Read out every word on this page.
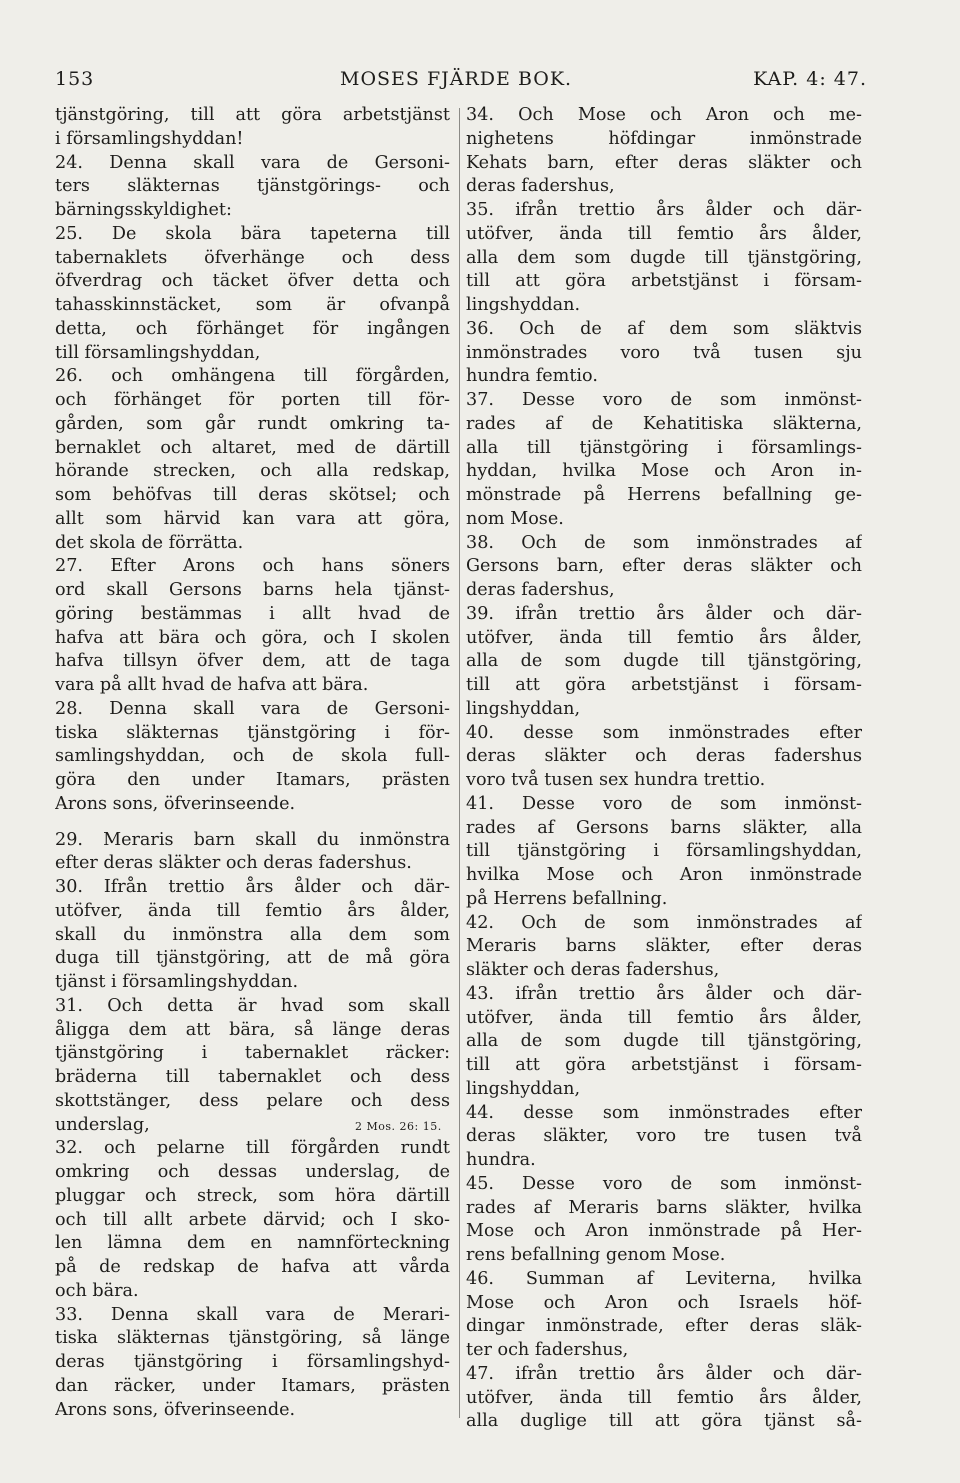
153	MOSES FJÄRDE BOK.	KAP. 4: 47.
tjänstgöring, till att göra arbetstjänst
i församlingshyddan!
24. Denna skall vara de Gersoni-
ters släkternas tjänstgörings- och
bärningsskyldighet:
25. De skola bära tapeterna till
tabernaklets öfverhänge och dess
öfverdrag och täcket öfver detta och
tahasskinnstäcket, som är ofvanpå
detta, och förhänget för ingången
till församlingshyddan,
26. och omhängena till förgården,
och förhänget för porten till för-
gården, som går rundt omkring ta-
bernaklet och altaret, med de därtill
hörande strecken, och alla redskap,
som behöfvas till deras skötsel; och
allt som härvid kan vara att göra,
det skola de förrätta.
27. Efter Arons och hans söners
ord skall Gersons barns hela tjänst-
göring bestämmas i allt hvad de
hafva att bära och göra, och I skolen
hafva tillsyn öfver dem, att de taga
vara på allt hvad de hafva att bära.
28. Denna skall vara de Gersoni-
tiska släkternas tjänstgöring i för-
samlingshyddan, och de skola full-
göra den under Itamars, prästen
Arons sons, öfverinseende.
29. Meraris barn skall du inmönstra
efter deras släkter och deras fadershus.
30. Ifrån trettio års ålder och där-
utöfver, ända till femtio års ålder,
skall du inmönstra alla dem som
duga till tjänstgöring, att de må göra
tjänst i församlingshyddan.
31. Och detta är hvad som skall
åligga dem att bära, så länge deras
tjänstgöring i tabernaklet räcker:
bräderna till tabernaklet och dess
skottstänger, dess pelare och dess
underslag,	2 Mos. 26: 15.
32. och pelarne till förgården rundt
omkring och dessas underslag, de
pluggar och streck, som höra därtill
och till allt arbete därvid; och I sko-
len lämna dem en namnförteckning
på de redskap de hafva att vårda
och bära.
33. Denna skall vara de Merari-
tiska släkternas tjänstgöring, så länge
deras tjänstgöring i församlingshyd-
dan räcker, under Itamars, prästen
Arons sons, öfverinseende.
34. Och Mose och Aron och me-
nighetens höfdingar inmönstrade
Kehats barn, efter deras släkter och
deras fadershus,
35. ifrån trettio års ålder och där-
utöfver, ända till femtio års ålder,
alla dem som dugde till tjänstgöring,
till att göra arbetstjänst i försam-
lingshyddan.
36. Och de af dem som släktvis
inmönstrades voro två tusen sju
hundra femtio.
37. Desse voro de som inmönst-
rades af de Kehatitiska släkterna,
alla till tjänstgöring i församlings-
hyddan, hvilka Mose och Aron in-
mönstrade på Herrens befallning ge-
nom Mose.
38. Och de som inmönstrades af
Gersons barn, efter deras släkter och
deras fadershus,
39. ifrån trettio års ålder och där-
utöfver, ända till femtio års ålder,
alla de som dugde till tjänstgöring,
till att göra arbetstjänst i försam-
lingshyddan,
40. desse som inmönstrades efter
deras släkter och deras fadershus
voro två tusen sex hundra trettio.
41. Desse voro de som inmönst-
rades af Gersons barns släkter, alla
till tjänstgöring i församlingshyddan,
hvilka Mose och Aron inmönstrade
på Herrens befallning.
42. Och de som inmönstrades af
Meraris barns släkter, efter deras
släkter och deras fadershus,
43. ifrån trettio års ålder och där-
utöfver, ända till femtio års ålder,
alla de som dugde till tjänstgöring,
till att göra arbetstjänst i försam-
lingshyddan,
44. desse som inmönstrades efter
deras släkter, voro tre tusen två
hundra.
45. Desse voro de som inmönst-
rades af Meraris barns släkter, hvilka
Mose och Aron inmönstrade på Her-
rens befallning genom Mose.
46. Summan af Leviterna, hvilka
Mose och Aron och Israels höf-
dingar inmönstrade, efter deras släk-
ter och fadershus,
47. ifrån trettio års ålder och där-
utöfver, ända till femtio års ålder,
alla duglige till att göra tjänst så-
